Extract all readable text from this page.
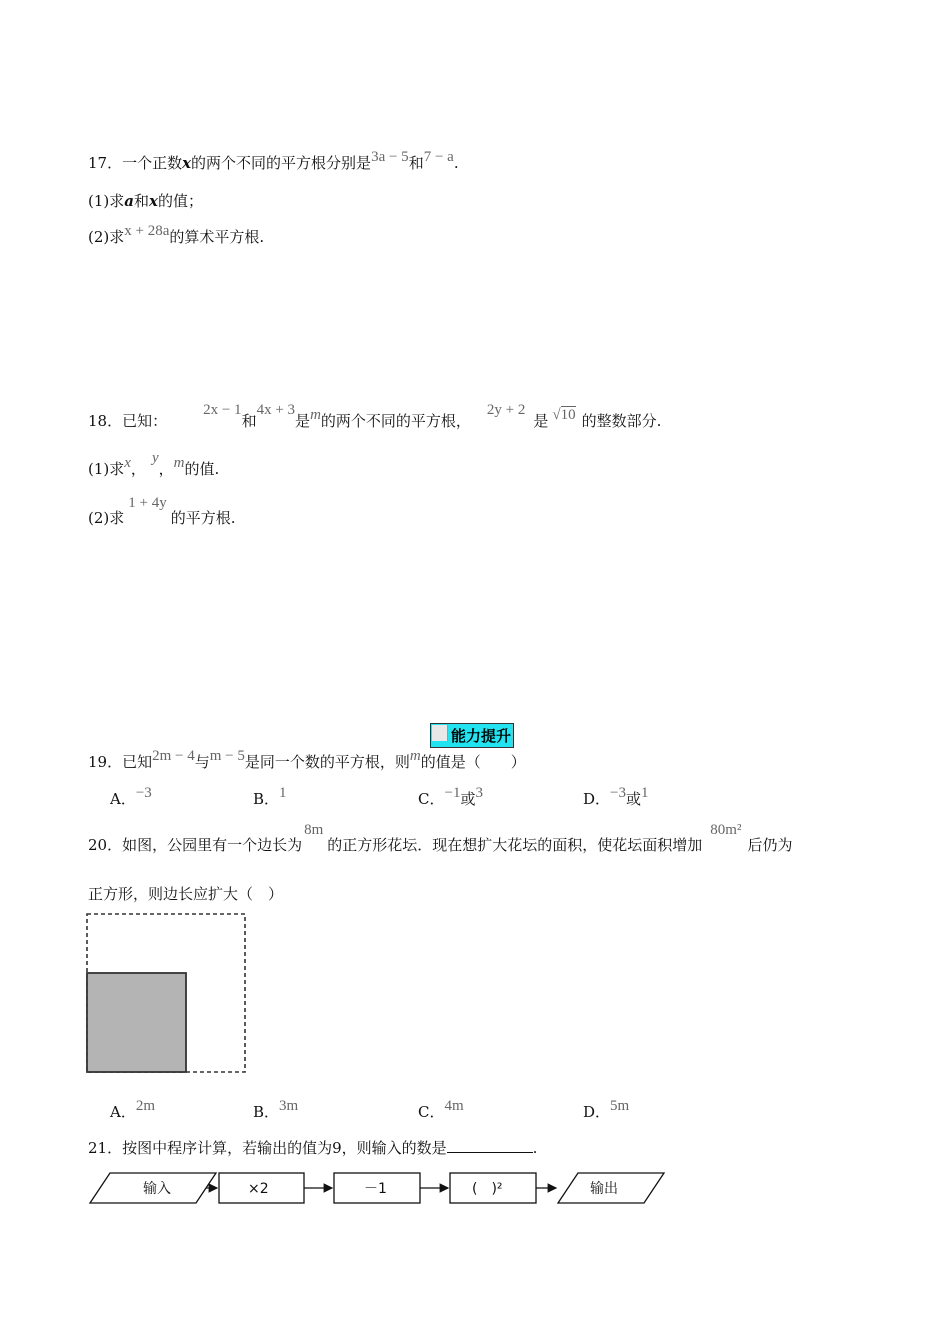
17．一个正数x的两个不同的平方根分别是3a − 5和7 − a.
(1)求a和x的值；
(2)求x + 28a的算术平方根.
18．已知：2x − 1和4x + 3是m的两个不同的平方根，2y + 2是 √10 的整数部分.
(1)求x，y，m的值.
(2)求1 + 4y的平方根.
能力提升
19．已知2m − 4与m − 5是同一个数的平方根，则m的值是（　　）
A．−3	B．1	C．−1或3	D．−3或1
20．如图，公园里有一个边长为8m的正方形花坛．现在想扩大花坛的面积，使花坛面积增加80m²后仍为
正方形，则边长应扩大（　）
A．2m	B．3m	C．4m	D．5m
21．按图中程序计算，若输出的值为9，则输入的数是	.
输入	×2	－1	(　)²	输出
